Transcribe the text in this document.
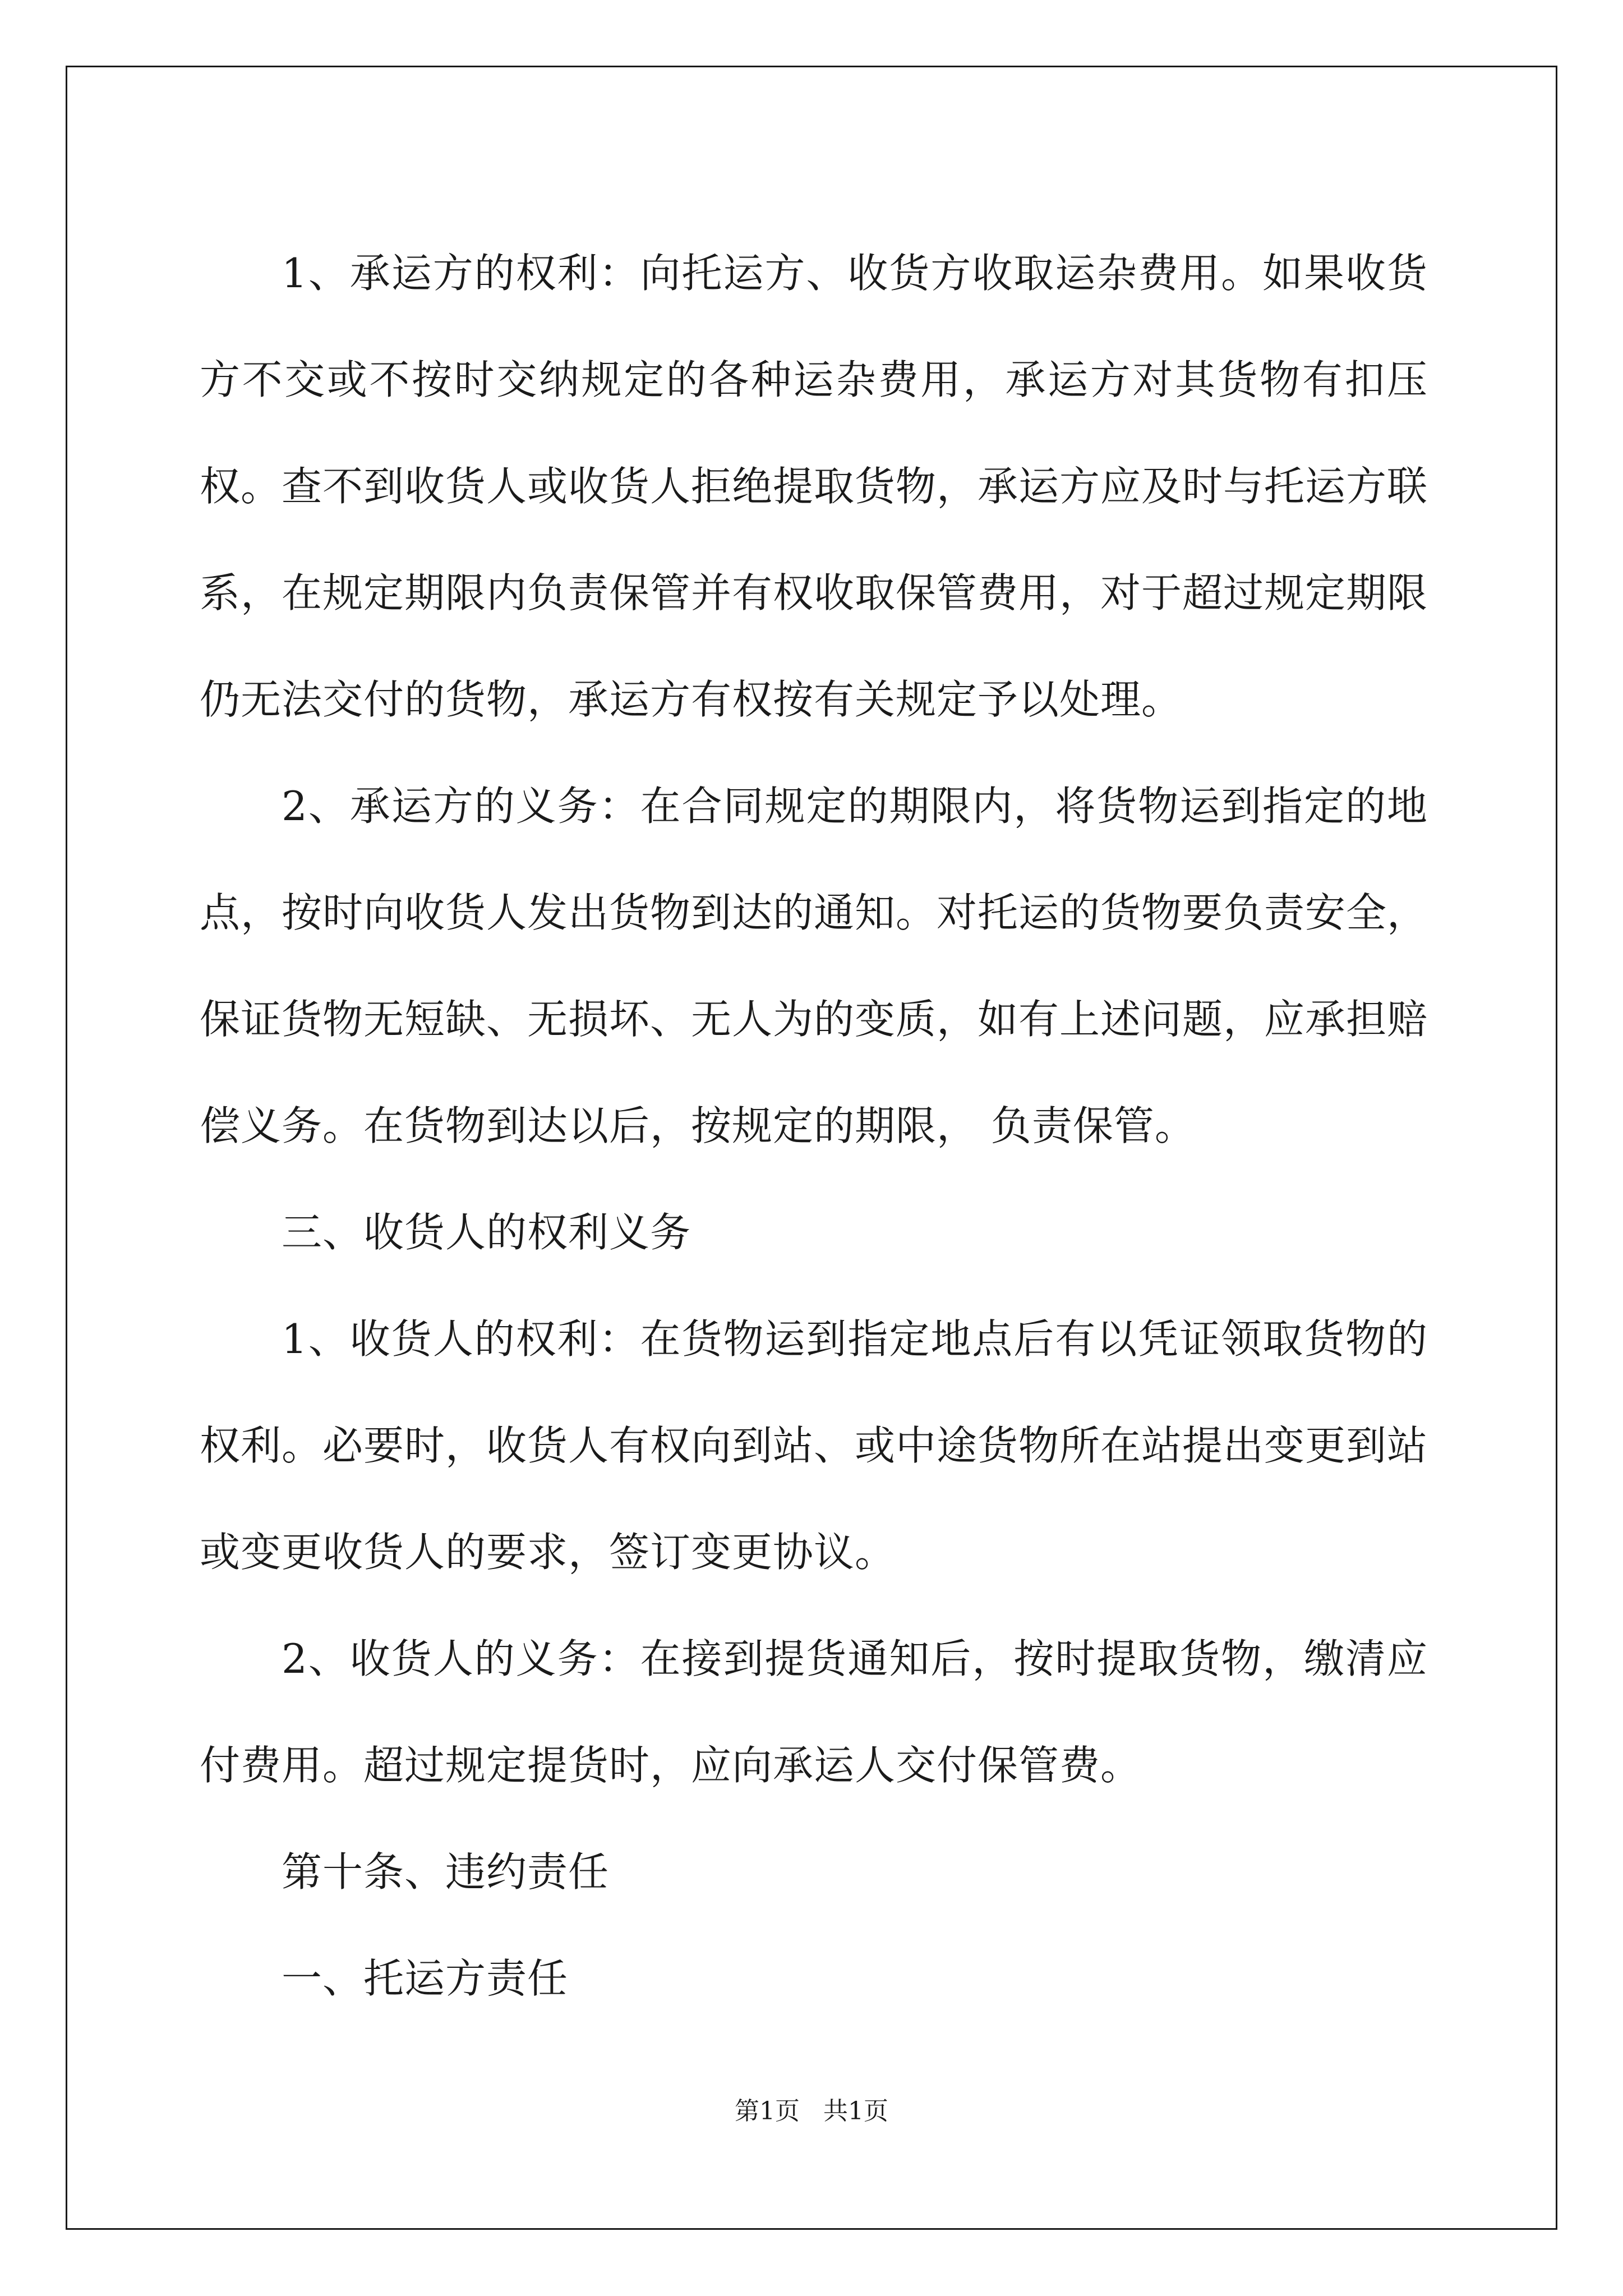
1、承运方的权利：向托运方、收货方收取运杂费用。如果收货方不交或不按时交纳规定的各种运杂费用，承运方对其货物有扣压权。查不到收货人或收货人拒绝提取货物，承运方应及时与托运方联系，在规定期限内负责保管并有权收取保管费用，对于超过规定期限仍无法交付的货物，承运方有权按有关规定予以处理。

2、承运方的义务：在合同规定的期限内，将货物运到指定的地点，按时向收货人发出货物到达的通知。对托运的货物要负责安全，保证货物无短缺、无损坏、无人为的变质，如有上述问题，应承担赔偿义务。在货物到达以后，按规定的期限， 负责保管。

三、收货人的权利义务

1、收货人的权利：在货物运到指定地点后有以凭证领取货物的权利。必要时，收货人有权向到站、或中途货物所在站提出变更到站或变更收货人的要求，签订变更协议。

2、收货人的义务：在接到提货通知后，按时提取货物，缴清应付费用。超过规定提货时，应向承运人交付保管费。

第十条、违约责任

一、托运方责任

第1页 共1页
